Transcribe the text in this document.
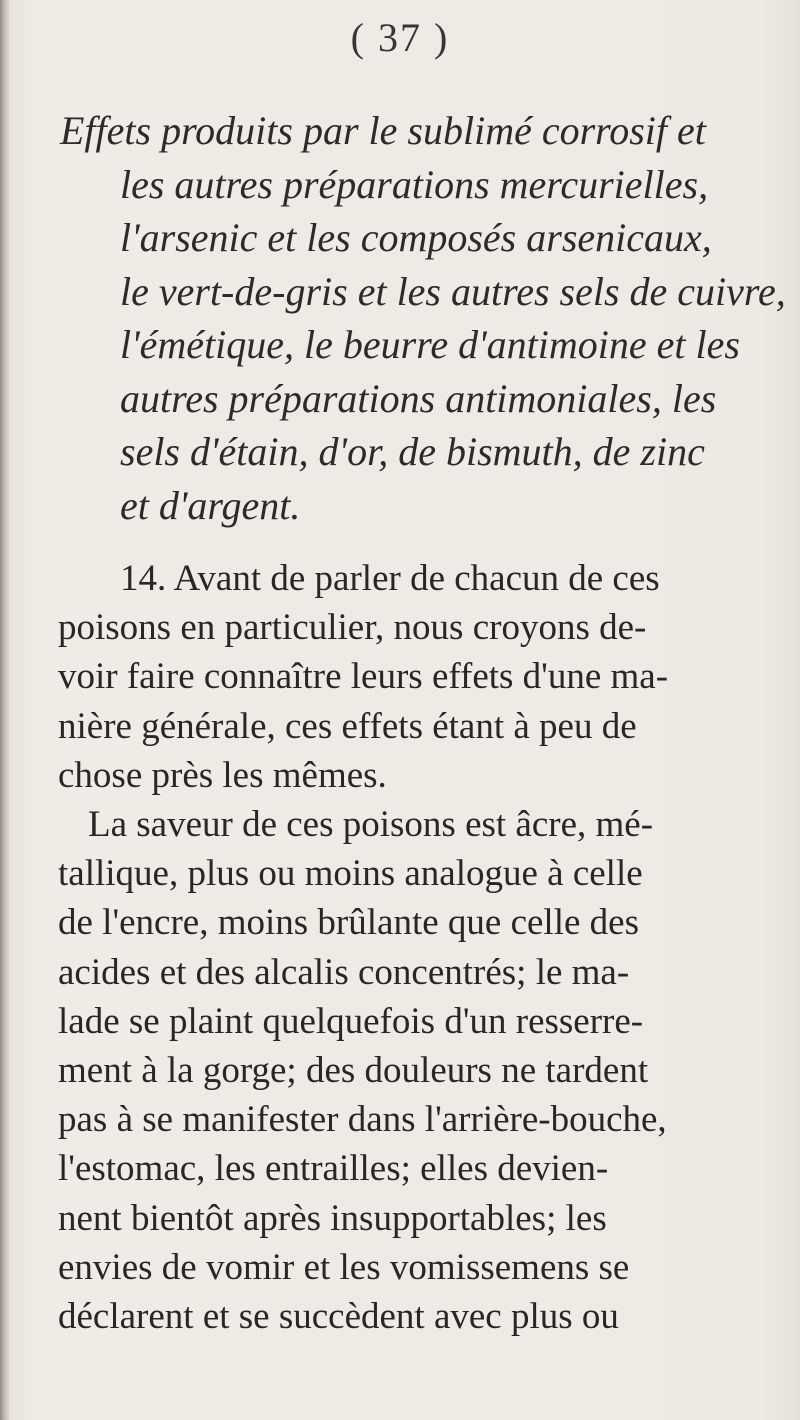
( 37 )
Effets produits par le sublimé corrosif et
les autres préparations mercurielles,
l'arsenic et les composés arsenicaux,
le vert-de-gris et les autres sels de cuivre,
l'émétique, le beurre d'antimoine et les
autres préparations antimoniales, les
sels d'étain, d'or, de bismuth, de zinc
et d'argent.
14. Avant de parler de chacun de ces
poisons en particulier, nous croyons de-
voir faire connaître leurs effets d'une ma-
nière générale, ces effets étant à peu de
chose près les mêmes.
La saveur de ces poisons est âcre, mé-
tallique, plus ou moins analogue à celle
de l'encre, moins brûlante que celle des
acides et des alcalis concentrés; le ma-
lade se plaint quelquefois d'un resserre-
ment à la gorge; des douleurs ne tardent
pas à se manifester dans l'arrière-bouche,
l'estomac, les entrailles; elles devien-
nent bientôt après insupportables; les
envies de vomir et les vomissemens se
déclarent et se succèdent avec plus ou
